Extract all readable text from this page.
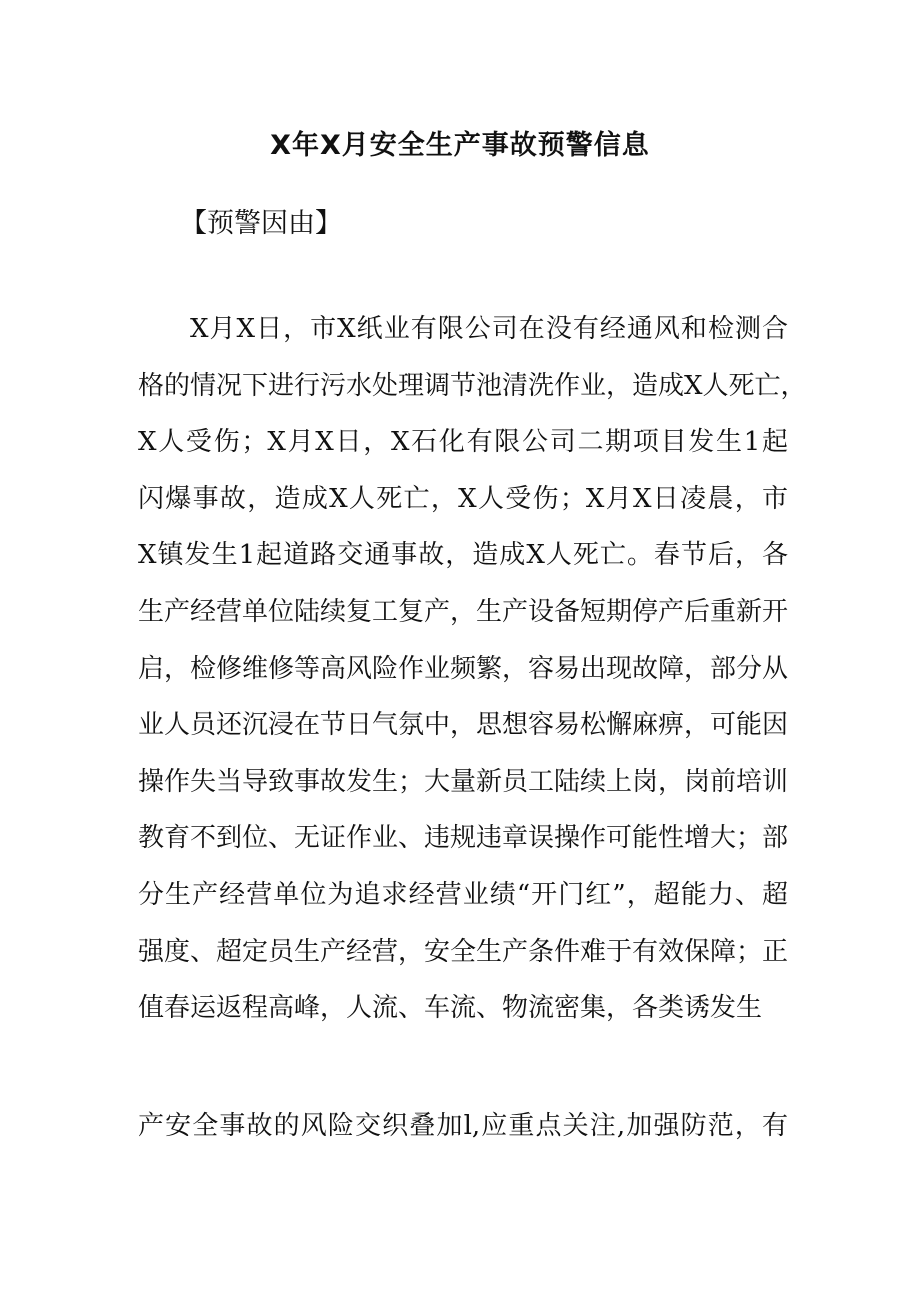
X年X月安全生产事故预警信息
【预警因由】
X月X日，市X纸业有限公司在没有经通风和检测合
格的情况下进行污水处理调节池清洗作业，造成X人死亡，
X人受伤；X月X日，X石化有限公司二期项目发生1起
闪爆事故，造成X人死亡，X人受伤；X月X日凌晨，市
X镇发生1起道路交通事故，造成X人死亡。春节后，各
生产经营单位陆续复工复产，生产设备短期停产后重新开
启，检修维修等高风险作业频繁，容易出现故障，部分从
业人员还沉浸在节日气氛中，思想容易松懈麻痹，可能因
操作失当导致事故发生；大量新员工陆续上岗，岗前培训
教育不到位、无证作业、违规违章误操作可能性增大；部
分生产经营单位为追求经营业绩“开门红”，超能力、超
强度、超定员生产经营，安全生产条件难于有效保障；正
值春运返程高峰，人流、车流、物流密集，各类诱发生
产安全事故的风险交织叠加l,应重点关注,加强防范，有
